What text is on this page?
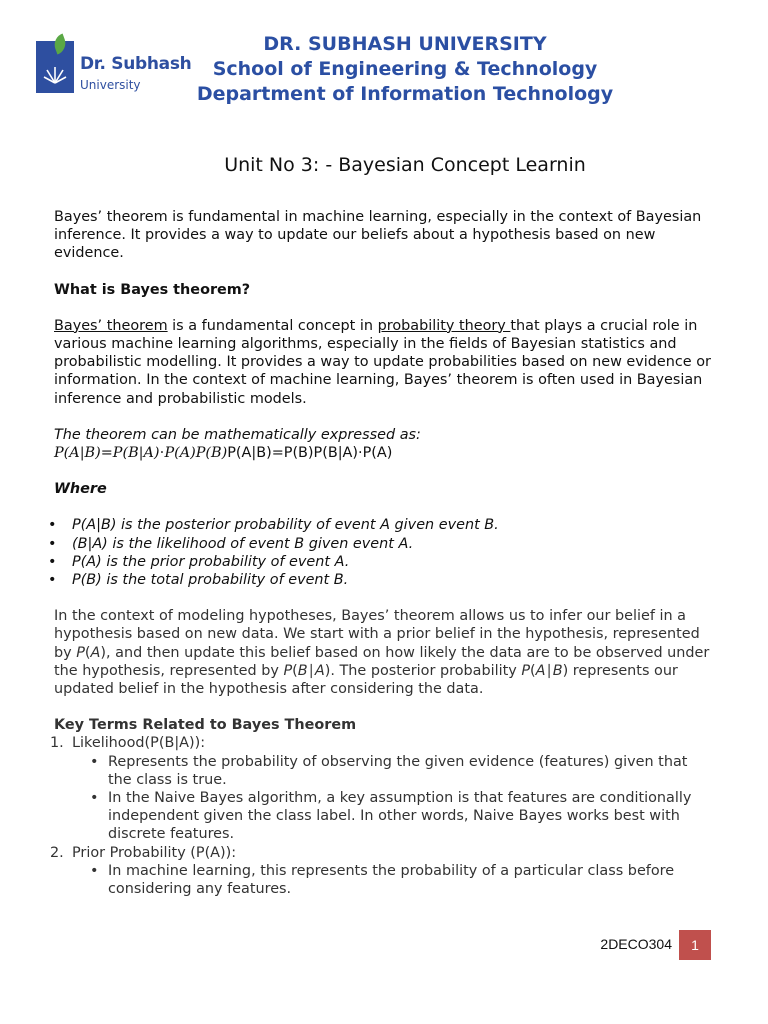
Dr. Subhash
University
DR. SUBHASH UNIVERSITY
School of Engineering & Technology
Department of Information Technology
Unit No 3: - Bayesian Concept Learnin

Bayes’ theorem is fundamental in machine learning, especially in the context of Bayesian inference. It provides a way to update our beliefs about a hypothesis based on new evidence.

What is Bayes theorem?

Bayes’ theorem is a fundamental concept in probability theory that plays a crucial role in various machine learning algorithms, especially in the fields of Bayesian statistics and probabilistic modelling. It provides a way to update probabilities based on new evidence or information. In the context of machine learning, Bayes’ theorem is often used in Bayesian inference and probabilistic models.

The theorem can be mathematically expressed as:

P(A|B)=P(B|A)⋅P(A)P(B)P(A|B)=P(B)P(B|A)⋅P(A)

Where
• P(A|B) is the posterior probability of event A given event B.
• (B|A) is the likelihood of event B given event A.
• P(A) is the prior probability of event A.
• P(B) is the total probability of event B.

In the context of modeling hypotheses, Bayes’ theorem allows us to infer our belief in a hypothesis based on new data. We start with a prior belief in the hypothesis, represented by P(A), and then update this belief based on how likely the data are to be observed under the hypothesis, represented by P(B∣A). The posterior probability P(A∣B) represents our updated belief in the hypothesis after considering the data.

Key Terms Related to Bayes Theorem
1. Likelihood(P(B|A)):
• Represents the probability of observing the given evidence (features) given that the class is true.
• In the Naive Bayes algorithm, a key assumption is that features are conditionally independent given the class label. In other words, Naive Bayes works best with discrete features.
2. Prior Probability (P(A)):
• In machine learning, this represents the probability of a particular class before considering any features.
2DECO304	1
